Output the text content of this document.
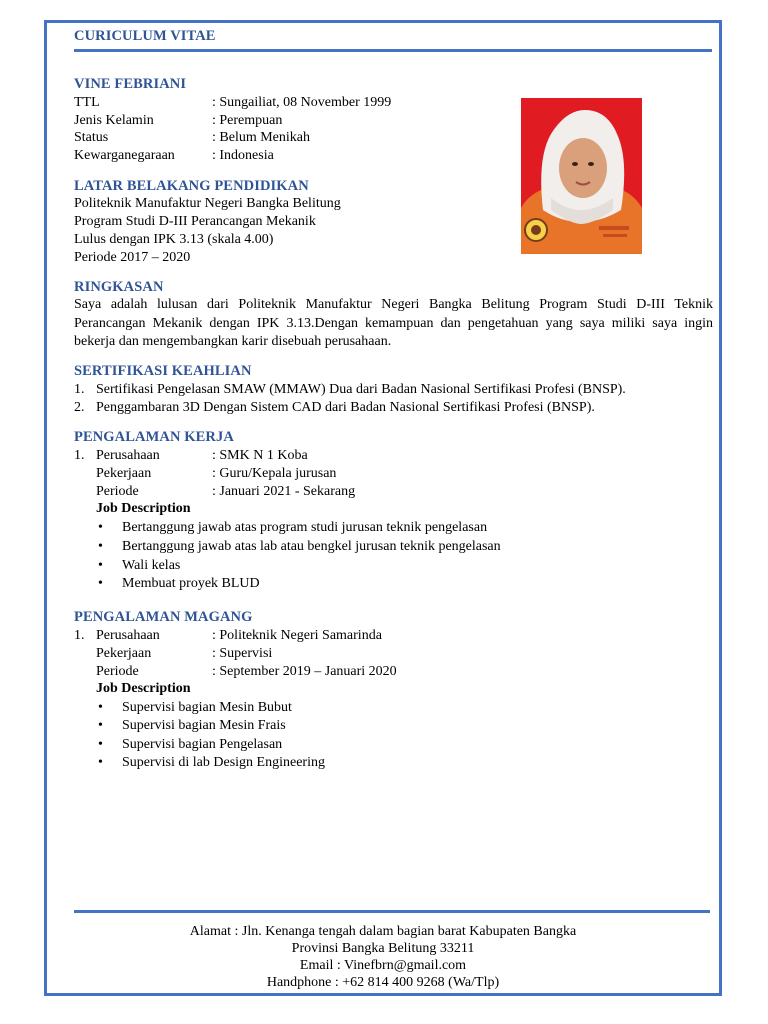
CURICULUM VITAE
VINE FEBRIANI
TTL	: Sungailiat, 08 November 1999
Jenis Kelamin	: Perempuan
Status	: Belum Menikah
Kewarganegaraan	: Indonesia
LATAR BELAKANG PENDIDIKAN
Politeknik Manufaktur Negeri Bangka Belitung
Program Studi D-III Perancangan Mekanik
Lulus dengan IPK 3.13 (skala 4.00)
Periode 2017 – 2020
RINGKASAN
Saya adalah lulusan dari Politeknik Manufaktur Negeri Bangka Belitung Program Studi D-III Teknik Perancangan Mekanik dengan IPK 3.13.Dengan kemampuan dan pengetahuan yang saya miliki saya ingin bekerja dan mengembangkan karir disebuah perusahaan.
SERTIFIKASI KEAHLIAN
1. Sertifikasi Pengelasan SMAW (MMAW) Dua dari Badan Nasional Sertifikasi Profesi (BNSP).
2. Penggambaran 3D Dengan Sistem CAD dari Badan Nasional Sertifikasi Profesi (BNSP).
PENGALAMAN KERJA
1. Perusahaan	: SMK N 1 Koba
Pekerjaan	: Guru/Kepala jurusan
Periode	: Januari 2021 - Sekarang
Job Description
• Bertanggung jawab atas program studi jurusan teknik pengelasan
• Bertanggung jawab atas lab atau bengkel jurusan teknik pengelasan
• Wali kelas
• Membuat proyek BLUD
PENGALAMAN MAGANG
1. Perusahaan	: Politeknik Negeri Samarinda
Pekerjaan	: Supervisi
Periode	: September 2019 – Januari 2020
Job Description
• Supervisi bagian Mesin Bubut
• Supervisi bagian Mesin Frais
• Supervisi bagian Pengelasan
• Supervisi di lab Design Engineering
Alamat : Jln. Kenanga tengah dalam bagian barat Kabupaten Bangka
Provinsi Bangka Belitung 33211
Email : Vinefbrn@gmail.com
Handphone : +62 814 400 9268 (Wa/Tlp)
